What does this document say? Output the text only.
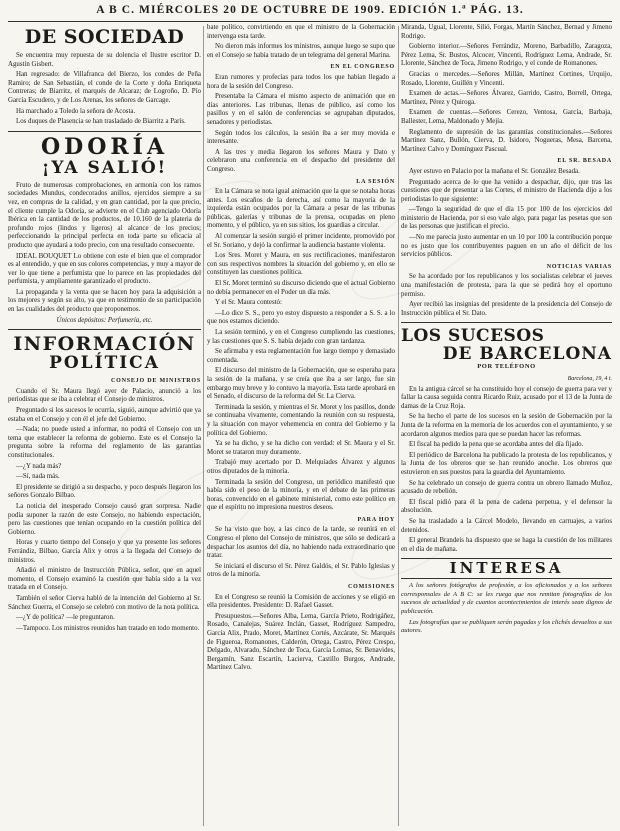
A B C. MIÉRCOLES 20 DE OCTUBRE DE 1909. EDICIÓN 1.ª PÁG. 13.
DE SOCIEDAD

Se encuentra muy repuesta de su dolencia el Ilustre escritor D. Agustín Gisbert.

Han regresado: de Villafranca del Bierzo, los condes de Peña Ramiro; de San Sebastián, el conde de la Corte y doña Enriqueta Contreras; de Biarritz, el marqués de Alcaraz; de Logroño, D. Pío García Escudero, y de Los Arenas, los señores de Garcage.

Ha marchado a Toledo la señora de Acosta.

Los duques de Plasencia se han trasladado de Biarritz a París.

ODORÍA
¡YA SALIÓ!

Fruto de numerosas comprobaciones, en armonía con los ramos sociedades Mundus, condecorados anillos, ejercidos siempre a su vez, en compras de la calidad, y en gran cantidad, por la que precio, el cliente cumple la Odoria, se advierte en el Club agenciado Odoría Ibérica en la cantidad de los productos, de 10.160 de la plateria de profundo rojos (lindos y ligeros) al alcance de los precios; perfeccionando la principal perfecta en toda parte su eficacia al producto que ayudará a todo precio, con una resultado consecuente.

IDEAL BOUQUET Lo obtiene con este el bien que el comprador es al entendido, y que en sus colores competencias, y muy a mayor de ver lo que tiene a perfumista que lo parece en las propiedades del perfumista, y ampliamente garantizado el producto.

La propaganda y la venta que se hacen hoy para la adquisición a los mejores y según su alto, ya que en testimonio de su participación en las cualidades del producto que proponemos.

Únicos depósitos: Perfumería, etc.

INFORMACIÓN
POLÍTICA
CONSEJO DE MINISTROS

Cuando el Sr. Maura llegó ayer de Palacio, anunció a los periodistas que se iba a celebrar el Consejo de ministros.

Preguntado si los sucesos le ocurría, siguió, aunque advirtió que ya estaba en el Consejo y con él el jefe del Gobierno.

—Nada; no puede usted a informar, no podrá el Consejo con un tema que establecer la reforma de gobierno. Este es el Consejo la pregunta sobre la reforma del reglamento de las garantías constitucionales.

—¿Y nada más?

—Sí, nada más.

El presidente se dirigió a su despacho, y poco después llegaron los señores Gonzalo Bilbao.

La noticia del inesperado Consejo causó gran sorpresa. Nadie podía suponer la razón de este Consejo, no habiendo expectación, pero las cuestiones que tenían ocupando en la cuestión política del Gobierno.

Horas y cuarto tiempo del Consejo y que ya presente los señores Ferrándiz, Bilbao, García Alix y otros a la llegada del Consejo de ministros.

Añadió el ministro de Instrucción Pública, señor, que en aquel momento, el Consejo examinó la cuestión que había sido a la vez tratada en el Consejo.

También el señor Cierva habló de la intención del Gobierno al Sr. Sánchez Guerra, el Consejo se celebró con motivo de la nota política.

—¿Y de política? —le preguntaron.

—Tampoco. Los ministros reunidos han tratado en todo momento.

bate político, convirtiendo en que el ministro de la Gobernación intervenga esta tarde.

No dieron más informes los ministros, aunque luego se supo que en el Consejo se había tratado de un telegrama del general Marina.

EN EL CONGRESO

Eran rumores y profecías para todos los que habían llegado a hora de la sesión del Congreso.

Presentaba la Cámara el mismo aspecto de animación que en días anteriores. Las tribunas, llenas de público, así como los pasillos y en el salón de conferencias se agrupaban diputados, senadores y periodistas.

Según todos los cálculos, la sesión iba a ser muy movida e interesante.

A las tres y media llegaron los señores Maura y Dato y celebraron una conferencia en el despacho del presidente del Congreso.

LA SESIÓN

En la Cámara se nota igual animación que la que se notaba horas antes. Los escaños de la derecha, así como la mayoría de la izquierda están ocupados por la Cámara a pesar de las tribunas públicas, galerías y tribunas de la prensa, ocupadas en pleno momento, y el público, ya en sus sitios, los guardias a circular.

Al comenzar la sesión surgió el primer incidente, promovido por el Sr. Soriano, y dejó la confirmar la audiencia bastante violenta.

Los Sres. Moret y Maura, en sus rectificaciones, manifestaron con sus respectivos nombres la situación del gobierno y, en ello se constituyen las cuestiones política.

El Sr. Moret terminó su discurso diciendo que el actual Gobierno no debía permanecer en el Poder un día más.

Y el Sr. Maura contestó:

—Lo dice S. S., pero yo estoy dispuesto a responder a S. S. a lo que nos estamos diciendo.

La sesión terminó, y en el Congreso cumpliendo las cuestiones, y las cuestiones que S. S. había dejado con gran tardanza.

Se afirmaba y esta reglamentación fue largo tiempo y demasiado comentada.

El discurso del ministro de la Gobernación, que se esperaba para la sesión de la mañana, y se creía que iba a ser largo, fue sin embargo muy breve y lo contuvo la mayoría. Esta tarde aprobará en el Senado, el discurso de la reforma del Sr. La Cierva.

Terminada la sesión, y mientras el Sr. Moret y los pasillos, donde se continuaba vivamente, comentando la reunión con su respuesta, y la situación con mayor vehemencia en contra del Gobierno y la política del Gobierno.

Ya se ha dicho, y se ha dicho con verdad: el Sr. Maura y el Sr. Moret se trataron muy duramente.

Trabajó muy acertado por D. Melquíades Álvarez y algunos otros diputados de la minoría.

Terminada la sesión del Congreso, un periódico manifestó que había sido el peso de la minoría, y en el debate de las primeras horas, convencido en el gabinete ministerial, como este político en que el espíritu no impresiona nuestros deseos.

PARA HOY

Se ha visto que hoy, a las cinco de la tarde, se reunirá en el Congreso el pleno del Consejo de ministros, que sólo se dedicará a despachar los asuntos del día, no habiendo nada extraordinario que tratar.

Se iniciará el discurso el Sr. Pérez Galdós, el Sr. Pablo Iglesias y otros de la minoría.

COMISIONES

En el Congreso se reunió la Comisión de acciones y se eligió en ella presidentes. Presidente: D. Rafael Gasset.

Presupuestos.—Señores Alba, Lema, García Prieto, Rodrigáñez, Rosado, Canalejas, Suárez Inclán, Gasset, Rodríguez Sampedro, García Alix, Prado, Moret, Martínez Cortés, Azcárate, Sr. Marqués de Figueroa, Romanones, Calderón, Ortega, Castro, Pérez Crespo, Delgado, Alvarado, Sánchez de Toca, García Lomas, Sr. Benavides, Bergamín, Sanz Escartín, Lacierva, Castillo Burgos, Andrade, Martínez Calvo.

Miranda, Ugual, Llorente, Silió, Forgas, Martín Sánchez, Bernad y Jimeno Rodrigo.

Gobierno interior.—Señores Ferrándiz, Moreno, Barbadillo, Zaragoza, Pérez Lema, Sr. Bustos, Alcocer, Vincenti, Rodríguez Lema, Andrade, Sr. Llorente, Sánchez de Toca, Jimeno Rodrigo, y el conde de Romanones.

Gracias o mercedes.—Señores Millán, Martínez Cortines, Urquijo, Rosado, Llorente, Guillén y Vincenti.

Examen de actas.—Señores Álvarez, Garrido, Castro, Borrell, Ortega, Martínez, Pérez y Quiroga.

Examen de cuentas.—Señores Cerezo, Ventosa, García, Barbaja, Ballester, Lema, Maldonado y Mejía.

Reglamento de supresión de las garantías constitucionales.—Señores Martínez Sanz, Bullón, Cierva, D. Isidoro, Nogueras, Mesa, Barcena, Martínez Calvo y Domínguez Pascual.

EL SR. BESADA

Ayer estuvo en Palacio por la mañana el Sr. González Besada.

Preguntado acerca de lo que ha venido a despachar, dijo, que tras las cuestiones que de presentar a las Cortes, el ministro de Hacienda dijo a los periodistas lo que siguiente:

—Tengo la seguridad de que el día 15 por 100 de los ejercicios del ministerio de Hacienda, por si eso vale algo, para pagar las pesetas que son de las personas que justifican el precio.

—No me parecía justo aumentar en un 10 por 100 la contribución porque no es justo que los contribuyentes paguen en un año el déficit de los servicios públicos.

NOTICIAS VARIAS

Se ha acordado por los republicanos y los socialistas celebrar el jueves una manifestación de protesta, para la que se pedirá hoy el oportuno permiso.

Ayer recibió las insignias del presidente de la presidencia del Consejo de Instrucción pública el Sr. Dato.

LOS SUCESOS
DE BARCELONA
POR TELÉFONO
Barcelona, 19, 4 t.

En la antigua cárcel se ha constituido hoy el consejo de guerra para ver y fallar la causa seguida contra Ricardo Ruiz, acusado por el 13 de la Junta de damas de la Cruz Roja.

Se ha hecho el parte de los sucesos en la sesión de Gobernación por la Junta de la reforma en la memoria de los acuerdos con el ayuntamiento, y se acordaron algunos medios para que se puedan hacer las reformas.

El fiscal ha pedido la pena que se acordaba antes del día fijado.

El periódico de Barcelona ha publicado la protesta de los republicanos, y la Junta de los obreros que se han reunido anoche. Los obreros que estuvieron en sus puestos para la guardia del Ayuntamiento.

Se ha celebrado un consejo de guerra contra un obrero llamado Muñoz, acusado de rebelión.

El fiscal pidió para él la pena de cadena perpetua, y el defensor la absolución.

Se ha trasladado a la Cárcel Modelo, llevando en carruajes, a varios detenidos.

El general Brandeis ha dispuesto que se haga la cuestión de los militares en el día de mañana.

INTERESA

A los señores fotógrafos de profesión, a los aficionados y a los señores corresponsales de A B C: se les ruega que nos remitan fotografías de los sucesos de actualidad y de cuantos acontecimientos de interés sean dignos de publicación.

Las fotografías que se publiquen serán pagadas y los clichés devueltos a sus autores.
